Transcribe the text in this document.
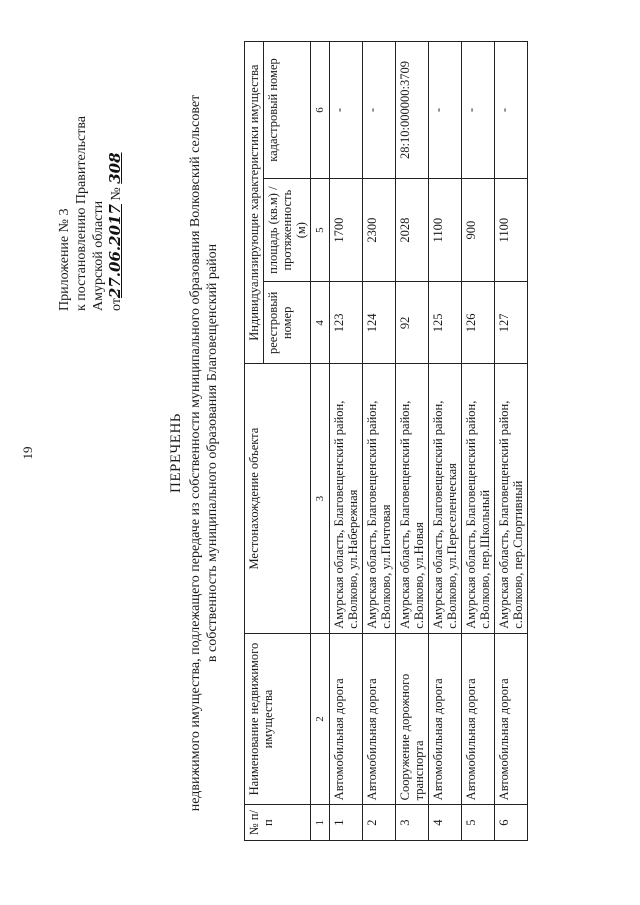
19
Приложение № 3 к постановлению Правительства Амурской области от27.06.2017 № 308
ПЕРЕЧЕНЬ недвижимого имущества, подлежащего передаче из собственности муниципального образования Волковский сельсовет в собственность муниципального образования Благовещенский район
№ п/п	Наименование недвижимого имущества	Местонахождение объекта	Индивидуализирующие характеристики имущества		
			реестровый номер	площадь (кв.м) / протяженность (м)	кадастровый номер
1	2	3	4	5	6
1	Автомобильная дорога	Амурская область, Благовещенский район, с.Волково, ул.Набережная	123	1700	-
2	Автомобильная дорога	Амурская область, Благовещенский район, с.Волково, ул.Почтовая	124	2300	-
3	Сооружение дорожного транспорта	Амурская область, Благовещенский район, с.Волково, ул.Новая	92	2028	28:10:000000:3709
4	Автомобильная дорога	Амурская область, Благовещенский район, с.Волково, ул.Переселенческая	125	1100	-
5	Автомобильная дорога	Амурская область, Благовещенский район, с.Волково, пер.Школьный	126	900	-
6	Автомобильная дорога	Амурская область, Благовещенский район, с.Волково, пер.Спортивный	127	1100	-
